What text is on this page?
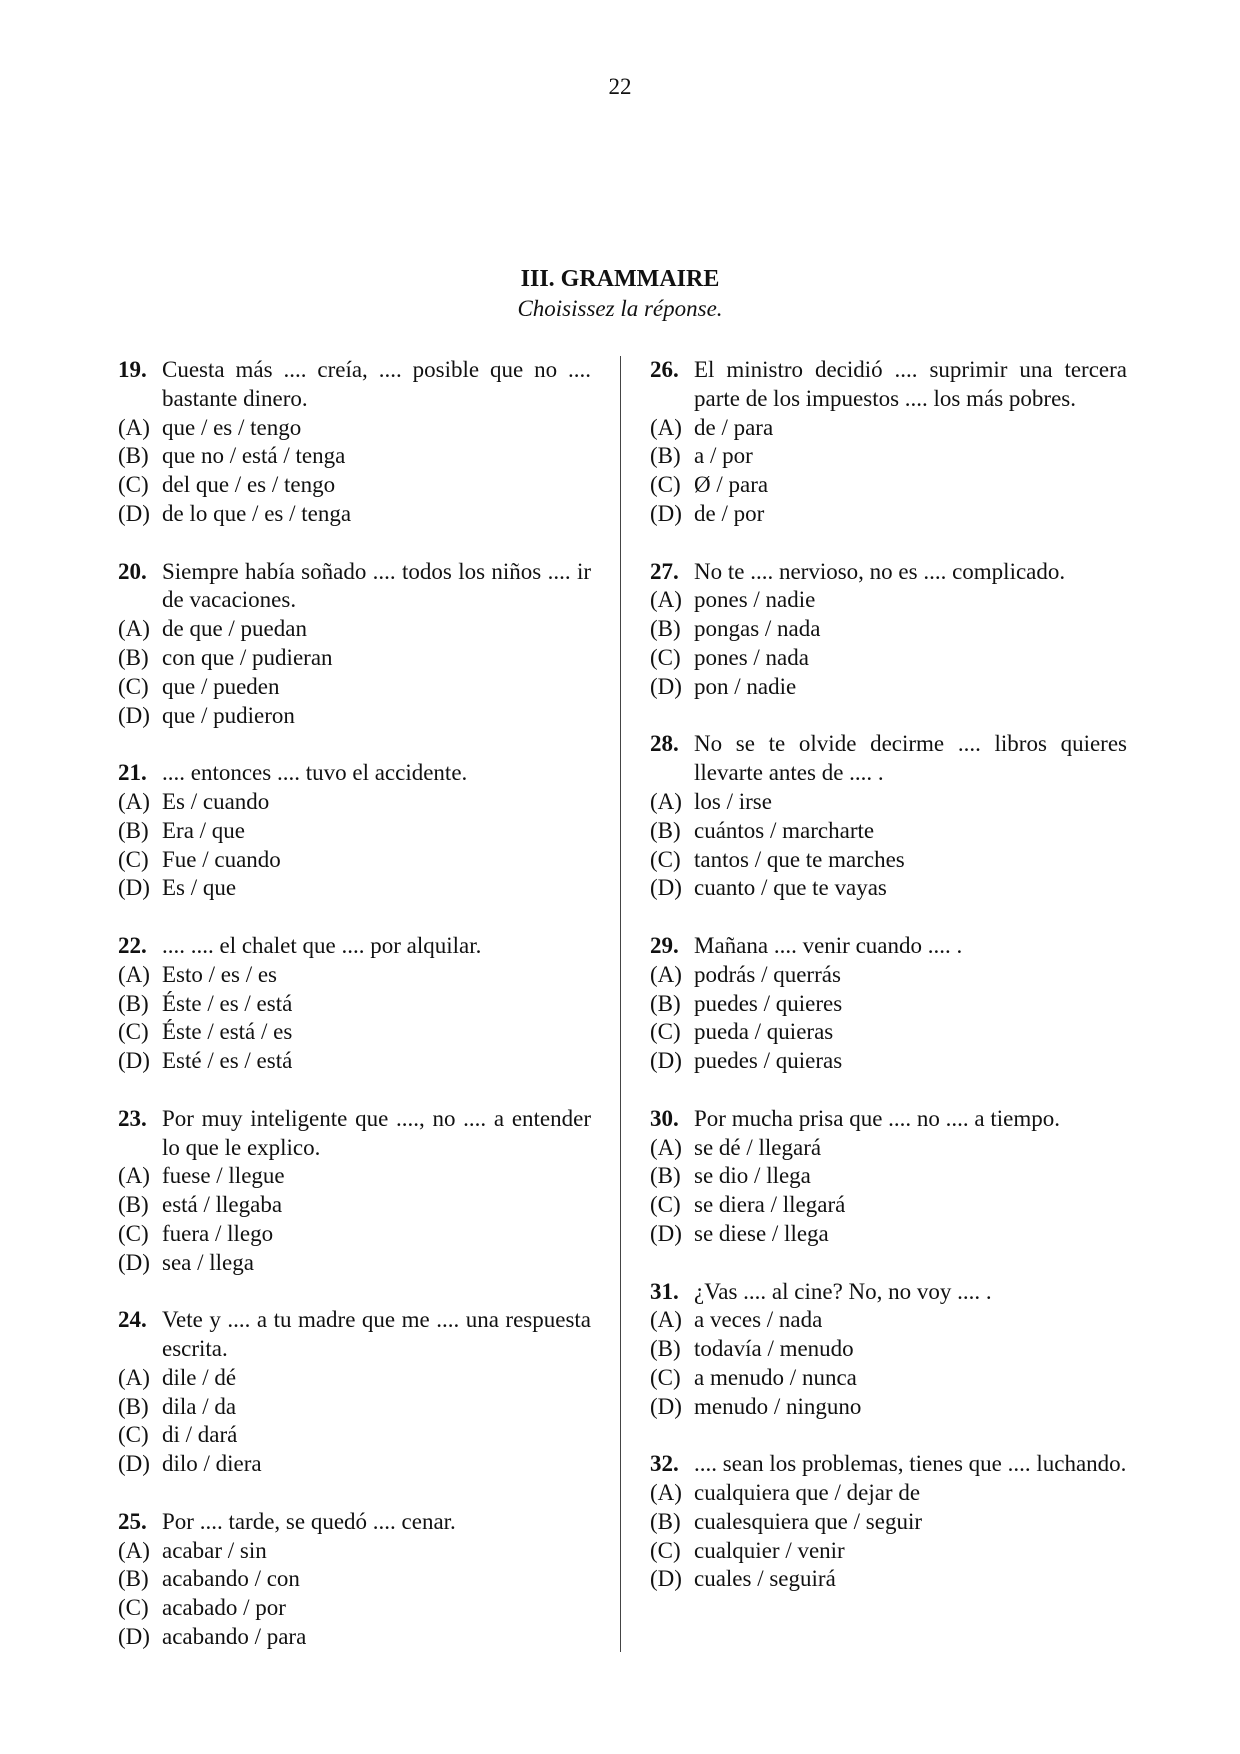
22
III. GRAMMAIRE
Choisissez la réponse.
19. Cuesta más .... creía, .... posible que no .... bastante dinero.
(A) que / es / tengo
(B) que no / está / tenga
(C) del que / es / tengo
(D) de lo que / es / tenga
20. Siempre había soñado .... todos los niños .... ir de vacaciones.
(A) de que / puedan
(B) con que / pudieran
(C) que / pueden
(D) que / pudieron
21. .... entonces .... tuvo el accidente.
(A) Es / cuando
(B) Era / que
(C) Fue / cuando
(D) Es / que
22. .... .... el chalet que .... por alquilar.
(A) Esto / es / es
(B) Éste / es / está
(C) Éste / está / es
(D) Esté / es / está
23. Por muy inteligente que ...., no .... a entender lo que le explico.
(A) fuese / llegue
(B) está / llegaba
(C) fuera / llego
(D) sea / llega
24. Vete y .... a tu madre que me .... una respuesta escrita.
(A) dile / dé
(B) dila / da
(C) di / dará
(D) dilo / diera
25. Por .... tarde, se quedó .... cenar.
(A) acabar / sin
(B) acabando / con
(C) acabado / por
(D) acabando / para
26. El ministro decidió .... suprimir una tercera parte de los impuestos .... los más pobres.
(A) de / para
(B) a / por
(C) Ø / para
(D) de / por
27. No te .... nervioso, no es .... complicado.
(A) pones / nadie
(B) pongas / nada
(C) pones / nada
(D) pon / nadie
28. No se te olvide decirme .... libros quieres llevarte antes de .... .
(A) los / irse
(B) cuántos / marcharte
(C) tantos / que te marches
(D) cuanto / que te vayas
29. Mañana .... venir cuando .... .
(A) podrás / querrás
(B) puedes / quieres
(C) pueda / quieras
(D) puedes / quieras
30. Por mucha prisa que .... no .... a tiempo.
(A) se dé / llegará
(B) se dio / llega
(C) se diera / llegará
(D) se diese / llega
31. ¿Vas .... al cine? No, no voy .... .
(A) a veces / nada
(B) todavía / menudo
(C) a menudo / nunca
(D) menudo / ninguno
32. .... sean los problemas, tienes que .... luchando.
(A) cualquiera que / dejar de
(B) cualesquiera que / seguir
(C) cualquier / venir
(D) cuales / seguirá
